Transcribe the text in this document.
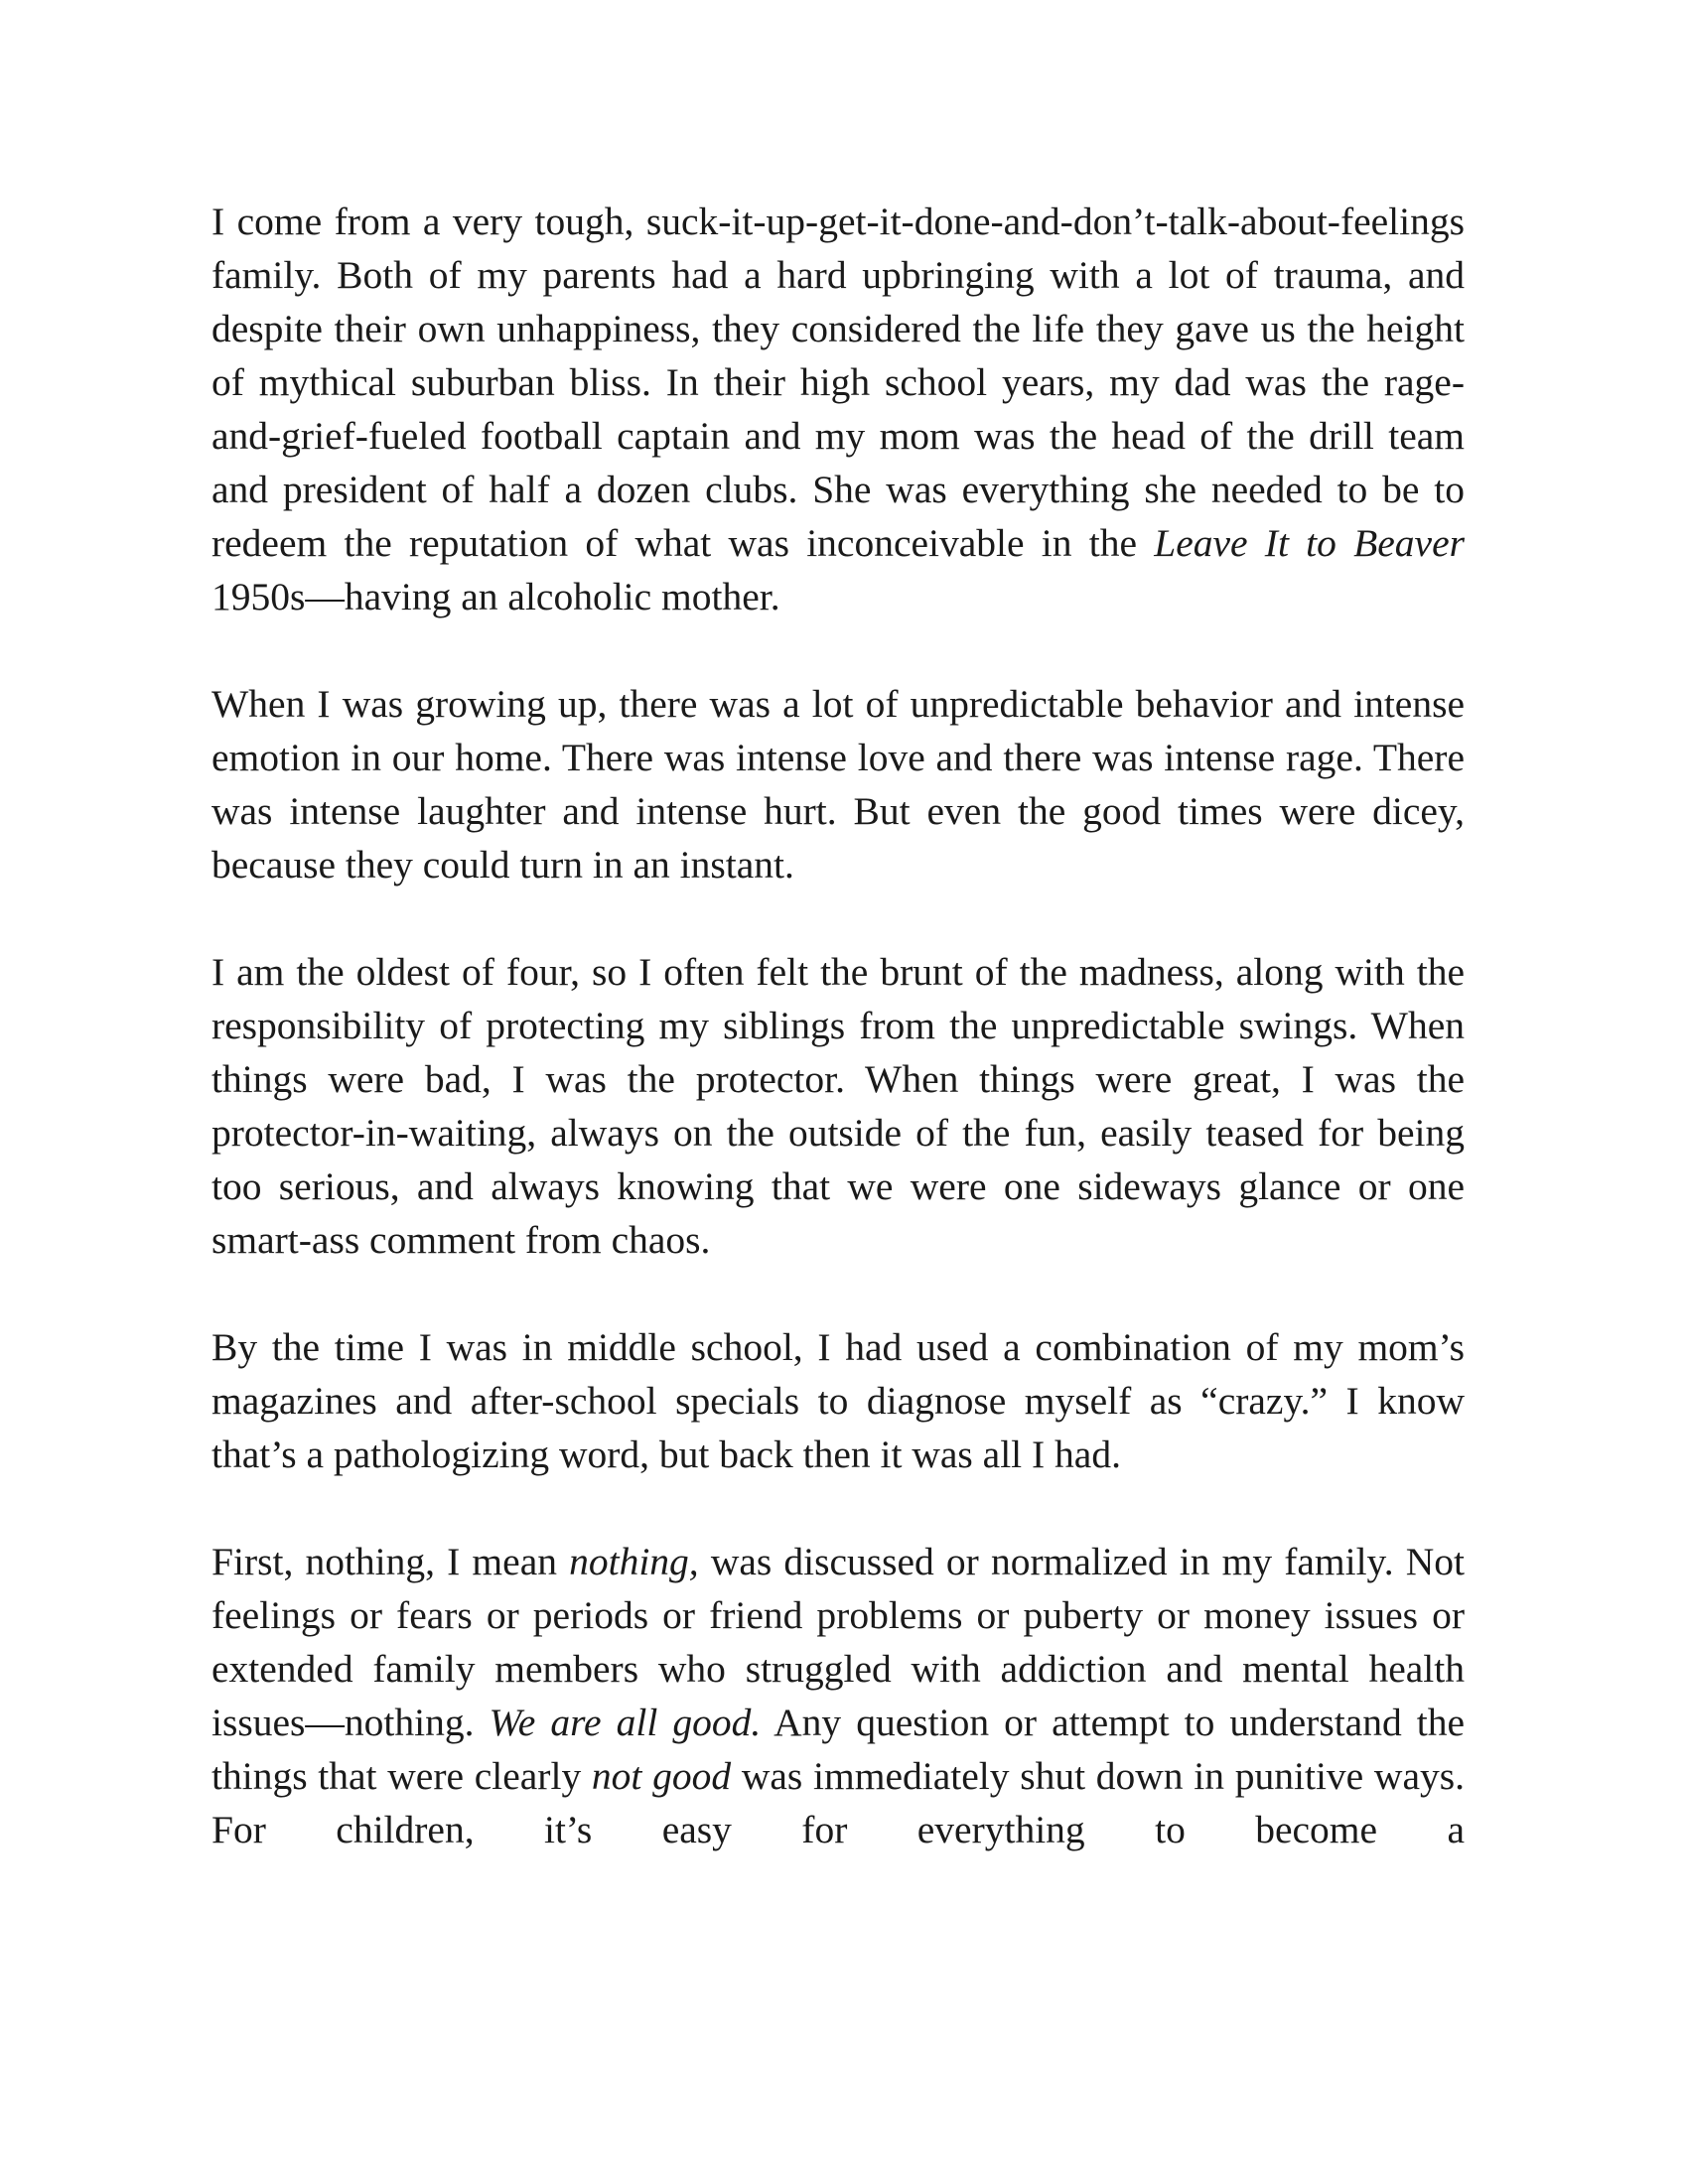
I come from a very tough, suck-it-up-get-it-done-and-don’t-talk-about-feelings family. Both of my parents had a hard upbringing with a lot of trauma, and despite their own unhappiness, they considered the life they gave us the height of mythical suburban bliss. In their high school years, my dad was the rage-and-grief-fueled football captain and my mom was the head of the drill team and president of half a dozen clubs. She was everything she needed to be to redeem the reputation of what was inconceivable in the Leave It to Beaver 1950s—having an alcoholic mother.

When I was growing up, there was a lot of unpredictable behavior and intense emotion in our home. There was intense love and there was intense rage. There was intense laughter and intense hurt. But even the good times were dicey, because they could turn in an instant.

I am the oldest of four, so I often felt the brunt of the madness, along with the responsibility of protecting my siblings from the unpredictable swings. When things were bad, I was the protector. When things were great, I was the protector-in-waiting, always on the outside of the fun, easily teased for being too serious, and always knowing that we were one sideways glance or one smart-ass comment from chaos.

By the time I was in middle school, I had used a combination of my mom’s magazines and after-school specials to diagnose myself as “crazy.” I know that’s a pathologizing word, but back then it was all I had.

First, nothing, I mean nothing, was discussed or normalized in my family. Not feelings or fears or periods or friend problems or puberty or money issues or extended family members who struggled with addiction and mental health issues—nothing. We are all good. Any question or attempt to understand the things that were clearly not good was immediately shut down in punitive ways. For children, it’s easy for everything to become a
